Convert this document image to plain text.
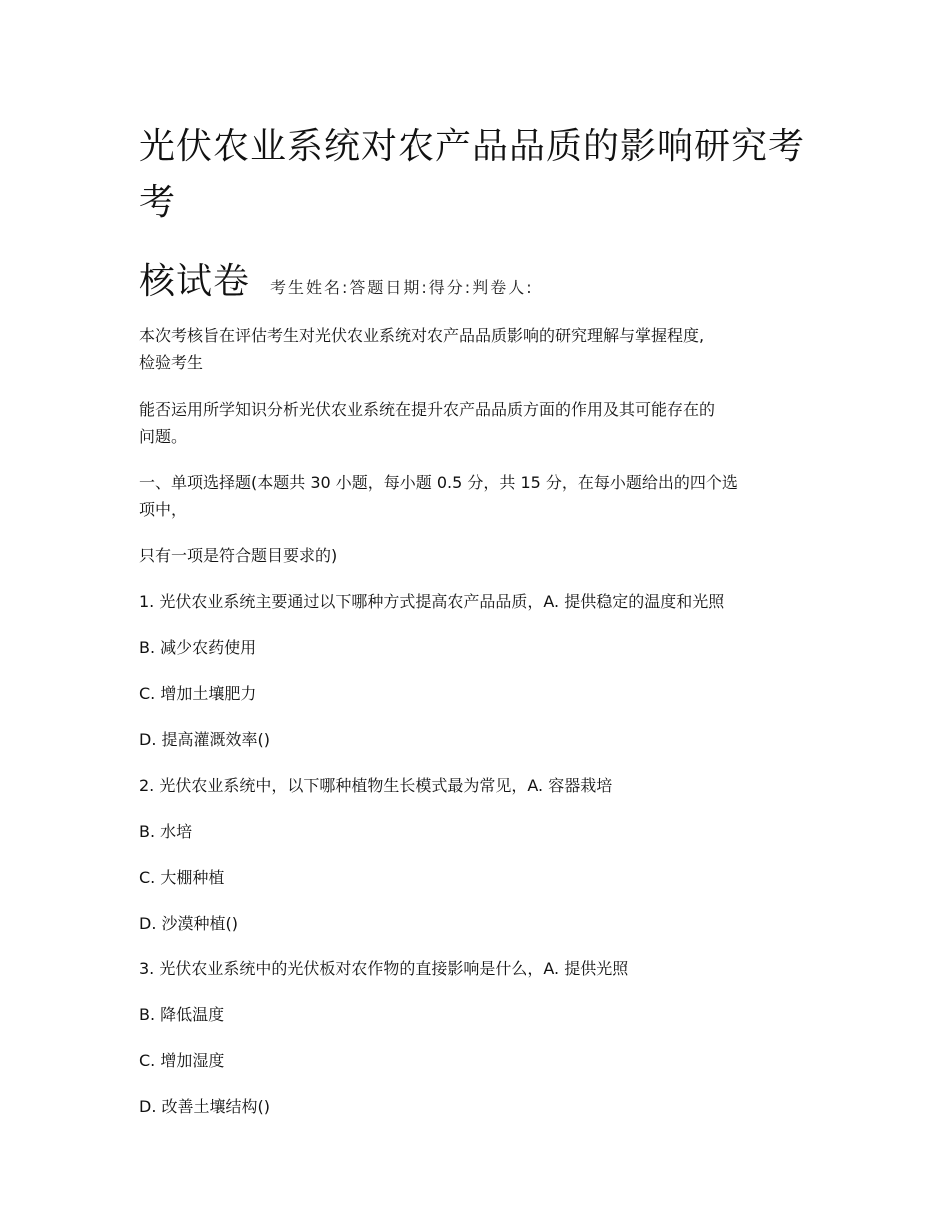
光伏农业系统对农产品品质的影响研究考
考
核试卷 考生姓名:答题日期:得分:判卷人:
本次考核旨在评估考生对光伏农业系统对农产品品质影响的研究理解与掌握程度,
检验考生
能否运用所学知识分析光伏农业系统在提升农产品品质方面的作用及其可能存在的
问题。
一、单项选择题(本题共 30 小题，每小题 0.5 分，共 15 分，在每小题给出的四个选
项中，
只有一项是符合题目要求的)
1. 光伏农业系统主要通过以下哪种方式提高农产品品质，A. 提供稳定的温度和光照
B. 减少农药使用
C. 增加土壤肥力
D. 提高灌溉效率()
2. 光伏农业系统中，以下哪种植物生长模式最为常见，A. 容器栽培
B. 水培
C. 大棚种植
D. 沙漠种植()
3. 光伏农业系统中的光伏板对农作物的直接影响是什么，A. 提供光照
B. 降低温度
C. 增加湿度
D. 改善土壤结构()
